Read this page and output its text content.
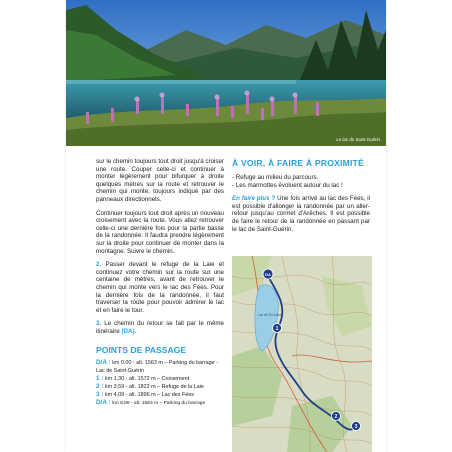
Le lac de Saint-Guérin

sur le chemin toujours tout droit jusqu'à croiser une route. Couper celle-ci et continuer à monter légèrement pour bifurquer à droite quelques mètres sur la route et retrouver le chemin qui monte, toujours indiqué par des panneaux directionnels.

Continuer toujours tout droit après un nouveau croisement avec la route. Vous allez retrouver celle-ci une dernière fois pour la partie basse de la randonnée. Il faudra prendre légèrement sur la droite pour continuer de monter dans la montagne. Suivre le chemin.

2. Passer devant le refuge de la Laie et continuez votre chemin sur la route sur une centaine de mètres, avant de retrouver le chemin qui monte vers le lac des Fées. Pour la dernière fois de la randonnée, il faut traverser la route pour pouvoir admirer le lac et en faire le tour.

3. Le chemin du retour se fait par le même itinéraire (DA).

POINTS DE PASSAGE
D/A : km 0,00 - alt. 1563 m – Parking du barrage - Lac de Saint-Guérin
1 : km 1,30 - alt. 1572 m – Croisement
2 : km 3,59 - alt. 1822 m – Refuge de la Laie
3 : km 4,09 - alt. 1896 m – Lac des Fées
D/A : km 8,89 - alt. 1563 m – Parking du barrage
À VOIR, À FAIRE À PROXIMITÉ
- Refuge au milieu du parcours.
- Les marmottes évoluent autour du lac !

En faire plus ? Une fois arrivé au lac des Fées, il est possible d'allonger la randonnée par un aller-retour jusqu'au cormet d'Arêches. Il est possible de faire le retour de la randonnée en passant par le lac de Saint-Guérin.

Lac de St-Guérin
DA
1
2
3
